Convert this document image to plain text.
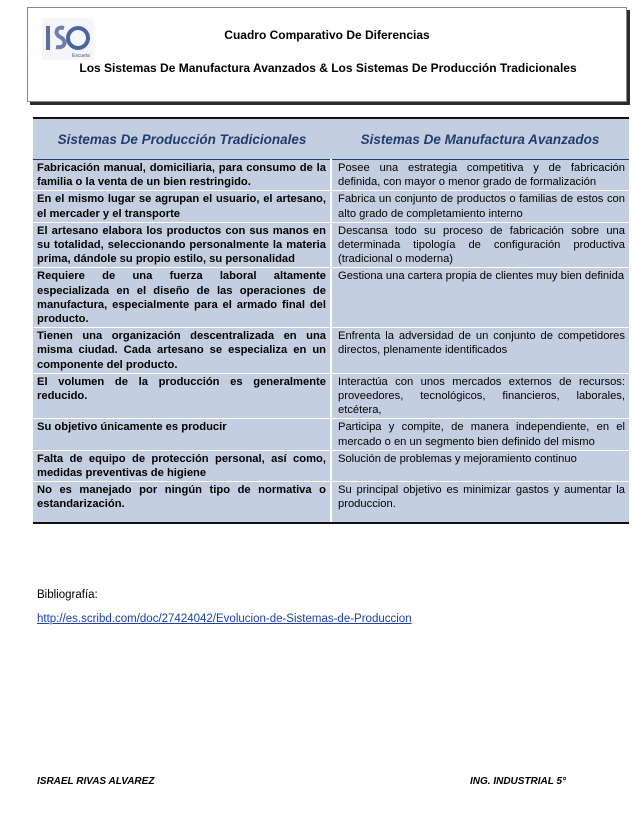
Escuela
Cuadro Comparativo De Diferencias
Los Sistemas De Manufactura Avanzados & Los Sistemas De Producción Tradicionales
Sistemas De Producción Tradicionales	Sistemas De Manufactura Avanzados
Fabricación manual, domiciliaria, para consumo de la familia o la venta de un bien restringido.	Posee una estrategia competitiva y de fabricación definida, con mayor o menor grado de formalización
En el mismo lugar se agrupan el usuario, el artesano, el mercader y el transporte	Fabrica un conjunto de productos o familias de estos con alto grado de completamiento interno
El artesano elabora los productos con sus manos en su totalidad, seleccionando personalmente la materia prima, dándole su propio estilo, su personalidad	Descansa todo su proceso de fabricación sobre una determinada tipología de configuración productiva (tradicional o moderna)
Requiere de una fuerza laboral altamente especializada en el diseño de las operaciones de manufactura, especialmente para el armado final del producto.	Gestiona una cartera propia de clientes muy bien definida
Tienen una organización descentralizada en una misma ciudad. Cada artesano se especializa en un componente del producto.	Enfrenta la adversidad de un conjunto de competidores directos, plenamente identificados
El volumen de la producción es generalmente reducido.	Interactúa con unos mercados externos de recursos: proveedores, tecnológicos, financieros, laborales, etcétera,
Su objetivo únicamente es producir	Participa y compite, de manera independiente, en el mercado o en un segmento bien definido del mismo
Falta de equipo de protección personal, así como, medidas preventivas de higiene	Solución de problemas y mejoramiento continuo
No es manejado por ningún tipo de normativa o estandarización.	Su principal objetivo es minimizar gastos y aumentar la produccion.
Bibliografía:
http://es.scribd.com/doc/27424042/Evolucion-de-Sistemas-de-Produccion
ISRAEL RIVAS ALVAREZ	ING. INDUSTRIAL 5°
